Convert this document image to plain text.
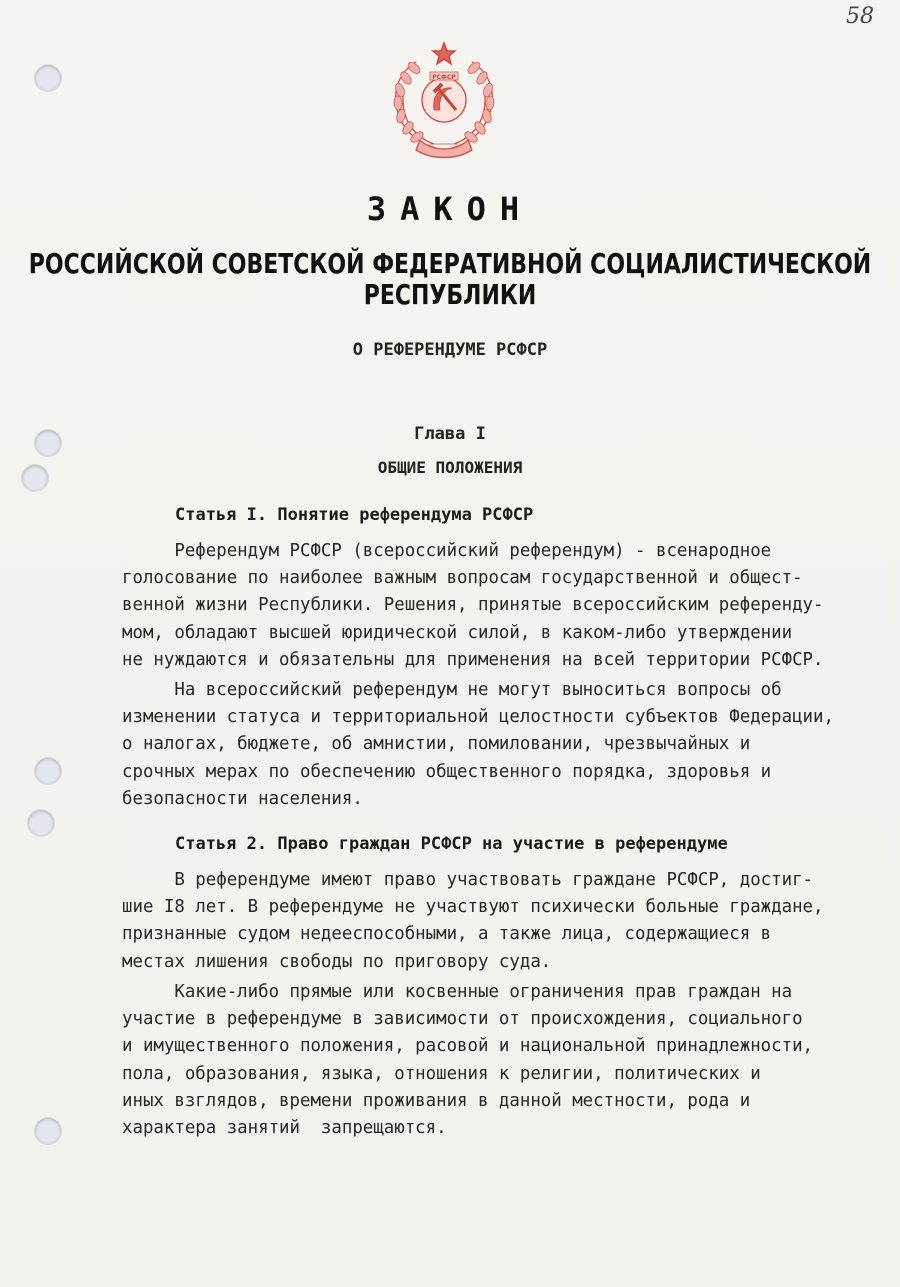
58
РСФСР
ЗАКОН
РОССИЙСКОЙ СОВЕТСКОЙ ФЕДЕРАТИВНОЙ СОЦИАЛИСТИЧЕСКОЙ РЕСПУБЛИКИ
О РЕФЕРЕНДУМЕ РСФСР
Глава I
ОБЩИЕ ПОЛОЖЕНИЯ
Статья I. Понятие референдума РСФСР

Референдум РСФСР (всероссийский референдум) - всенародное
голосование по наиболее важным вопросам государственной и общест-
венной жизни Республики. Решения, принятые всероссийским референду-
мом, обладают высшей юридической силой, в каком-либо утверждении
не нуждаются и обязательны для применения на всей территории РСФСР.

На всероссийский референдум не могут выноситься вопросы об
изменении статуса и территориальной целостности субъектов Федерации,
о налогах, бюджете, об амнистии, помиловании, чрезвычайных и
срочных мерах по обеспечению общественного порядка, здоровья и
безопасности населения.

Статья 2. Право граждан РСФСР на участие в референдуме

В референдуме имеют право участвовать граждане РСФСР, достиг-
шие I8 лет. В референдуме не участвуют психически больные граждане,
признанные судом недееспособными, а также лица, содержащиеся в
местах лишения свободы по приговору суда.

Какие-либо прямые или косвенные ограничения прав граждан на
участие в референдуме в зависимости от происхождения, социального
и имущественного положения, расовой и национальной принадлежности,
пола, образования, языка, отношения к религии, политических и
иных взглядов, времени проживания в данной местности, рода и
характера занятий  запрещаются.
